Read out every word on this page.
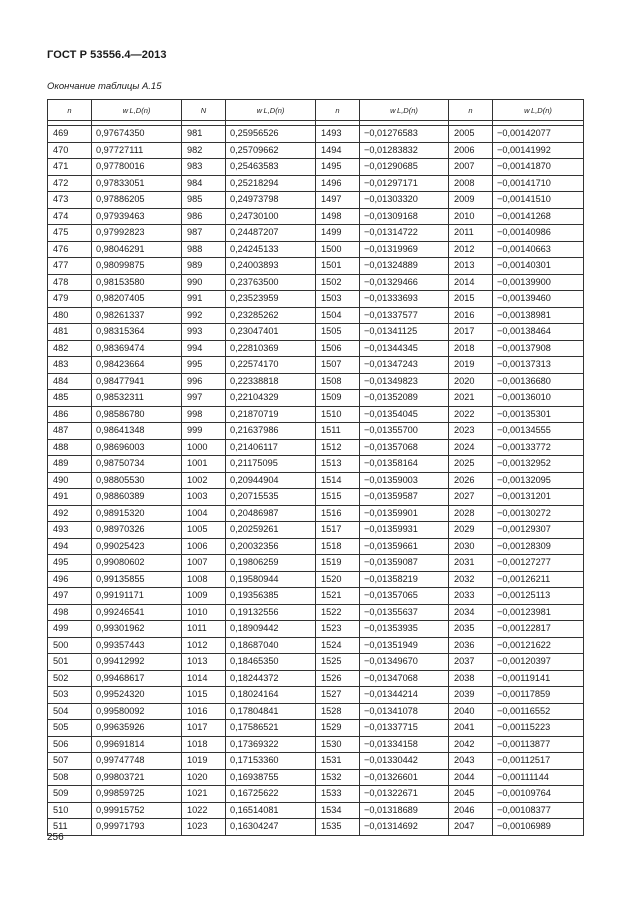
ГОСТ Р 53556.4—2013
Окончание таблицы А.15
n	w L,D(n)	N	w L,D(n)	n	w L,D(n)	n	w L,D(n)

469	0,97674350	981	0,25956526	1493	−0,01276583	2005	−0,00142077
470	0,97727111	982	0,25709662	1494	−0,01283832	2006	−0,00141992
471	0,97780016	983	0,25463583	1495	−0,01290685	2007	−0,00141870
472	0,97833051	984	0,25218294	1496	−0,01297171	2008	−0,00141710
473	0,97886205	985	0,24973798	1497	−0,01303320	2009	−0,00141510
474	0,97939463	986	0,24730100	1498	−0,01309168	2010	−0,00141268
475	0,97992823	987	0,24487207	1499	−0,01314722	2011	−0,00140986
476	0,98046291	988	0,24245133	1500	−0,01319969	2012	−0,00140663
477	0,98099875	989	0,24003893	1501	−0,01324889	2013	−0,00140301
478	0,98153580	990	0,23763500	1502	−0,01329466	2014	−0,00139900
479	0,98207405	991	0,23523959	1503	−0,01333693	2015	−0,00139460
480	0,98261337	992	0,23285262	1504	−0,01337577	2016	−0,00138981
481	0,98315364	993	0,23047401	1505	−0,01341125	2017	−0,00138464
482	0,98369474	994	0,22810369	1506	−0,01344345	2018	−0,00137908
483	0,98423664	995	0,22574170	1507	−0,01347243	2019	−0,00137313
484	0,98477941	996	0,22338818	1508	−0,01349823	2020	−0,00136680
485	0,98532311	997	0,22104329	1509	−0,01352089	2021	−0,00136010
486	0,98586780	998	0,21870719	1510	−0,01354045	2022	−0,00135301
487	0,98641348	999	0,21637986	1511	−0,01355700	2023	−0,00134555
488	0,98696003	1000	0,21406117	1512	−0,01357068	2024	−0,00133772
489	0,98750734	1001	0,21175095	1513	−0,01358164	2025	−0,00132952
490	0,98805530	1002	0,20944904	1514	−0,01359003	2026	−0,00132095
491	0,98860389	1003	0,20715535	1515	−0,01359587	2027	−0,00131201
492	0,98915320	1004	0,20486987	1516	−0,01359901	2028	−0,00130272
493	0,98970326	1005	0,20259261	1517	−0,01359931	2029	−0,00129307
494	0,99025423	1006	0,20032356	1518	−0,01359661	2030	−0,00128309
495	0,99080602	1007	0,19806259	1519	−0,01359087	2031	−0,00127277
496	0,99135855	1008	0,19580944	1520	−0,01358219	2032	−0,00126211
497	0,99191171	1009	0,19356385	1521	−0,01357065	2033	−0,00125113
498	0,99246541	1010	0,19132556	1522	−0,01355637	2034	−0,00123981
499	0,99301962	1011	0,18909442	1523	−0,01353935	2035	−0,00122817
500	0,99357443	1012	0,18687040	1524	−0,01351949	2036	−0,00121622
501	0,99412992	1013	0,18465350	1525	−0,01349670	2037	−0,00120397
502	0,99468617	1014	0,18244372	1526	−0,01347068	2038	−0,00119141
503	0,99524320	1015	0,18024164	1527	−0,01344214	2039	−0,00117859
504	0,99580092	1016	0,17804841	1528	−0,01341078	2040	−0,00116552
505	0,99635926	1017	0,17586521	1529	−0,01337715	2041	−0,00115223
506	0,99691814	1018	0,17369322	1530	−0,01334158	2042	−0,00113877
507	0,99747748	1019	0,17153360	1531	−0,01330442	2043	−0,00112517
508	0,99803721	1020	0,16938755	1532	−0,01326601	2044	−0,00111144
509	0,99859725	1021	0,16725622	1533	−0,01322671	2045	−0,00109764
510	0,99915752	1022	0,16514081	1534	−0,01318689	2046	−0,00108377
511	0,99971793	1023	0,16304247	1535	−0,01314692	2047	−0,00106989
256
